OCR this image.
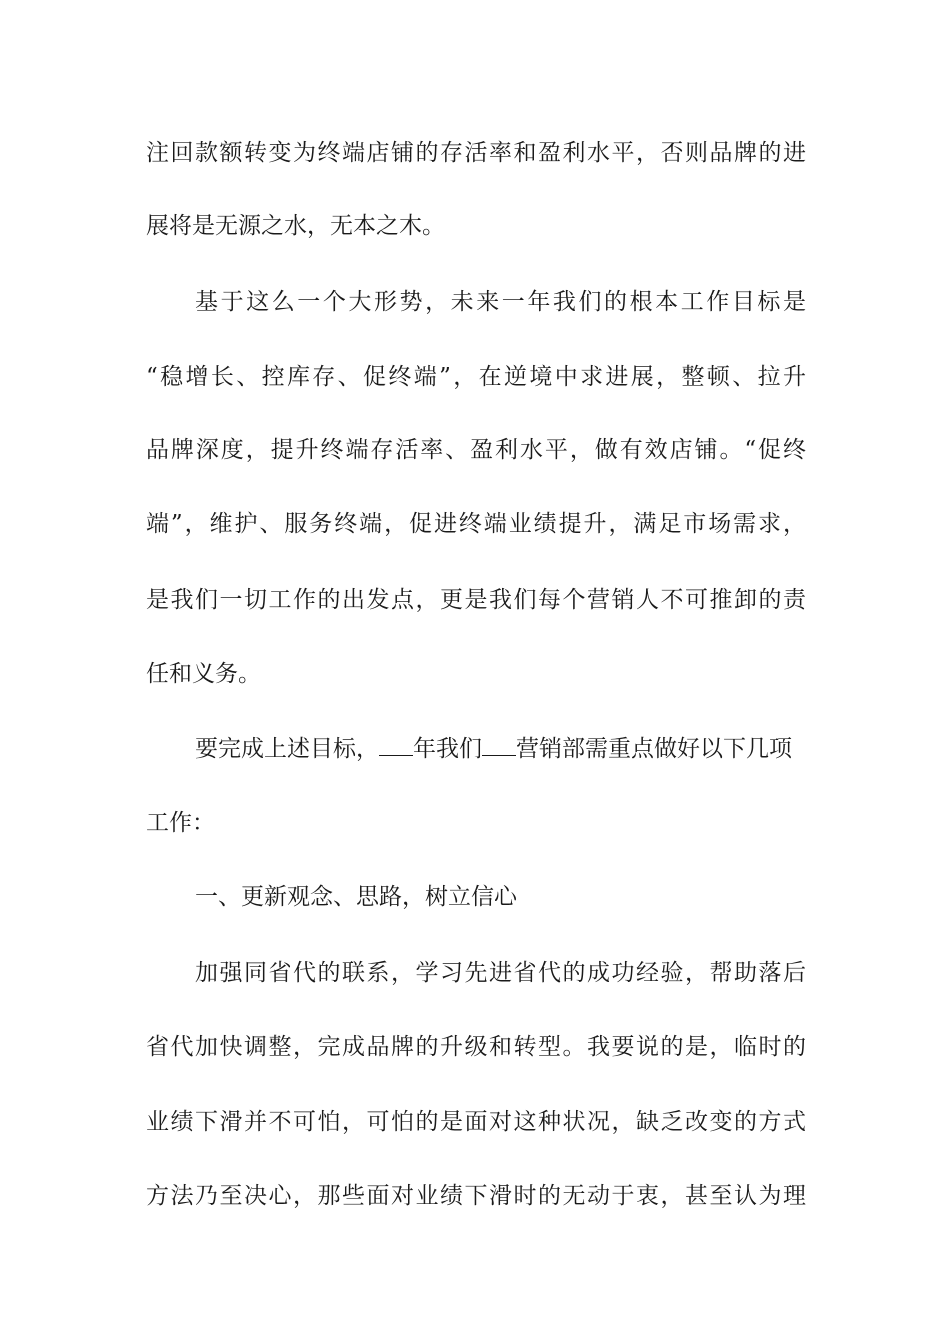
注回款额转变为终端店铺的存活率和盈利水平，否则品牌的进
展将是无源之水，无本之木。
基于这么一个大形势，未来一年我们的根本工作目标是
“稳增长、控库存、促终端”，在逆境中求进展，整顿、拉升
品牌深度，提升终端存活率、盈利水平，做有效店铺。“促终
端”，维护、服务终端，促进终端业绩提升，满足市场需求，
是我们一切工作的出发点，更是我们每个营销人不可推卸的责
任和义务。
要完成上述目标， 年我们 营销部需重点做好以下几项
工作：
一、更新观念、思路，树立信心
加强同省代的联系，学习先进省代的成功经验，帮助落后
省代加快调整，完成品牌的升级和转型。我要说的是，临时的
业绩下滑并不可怕，可怕的是面对这种状况，缺乏改变的方式
方法乃至决心，那些面对业绩下滑时的无动于衷，甚至认为理
